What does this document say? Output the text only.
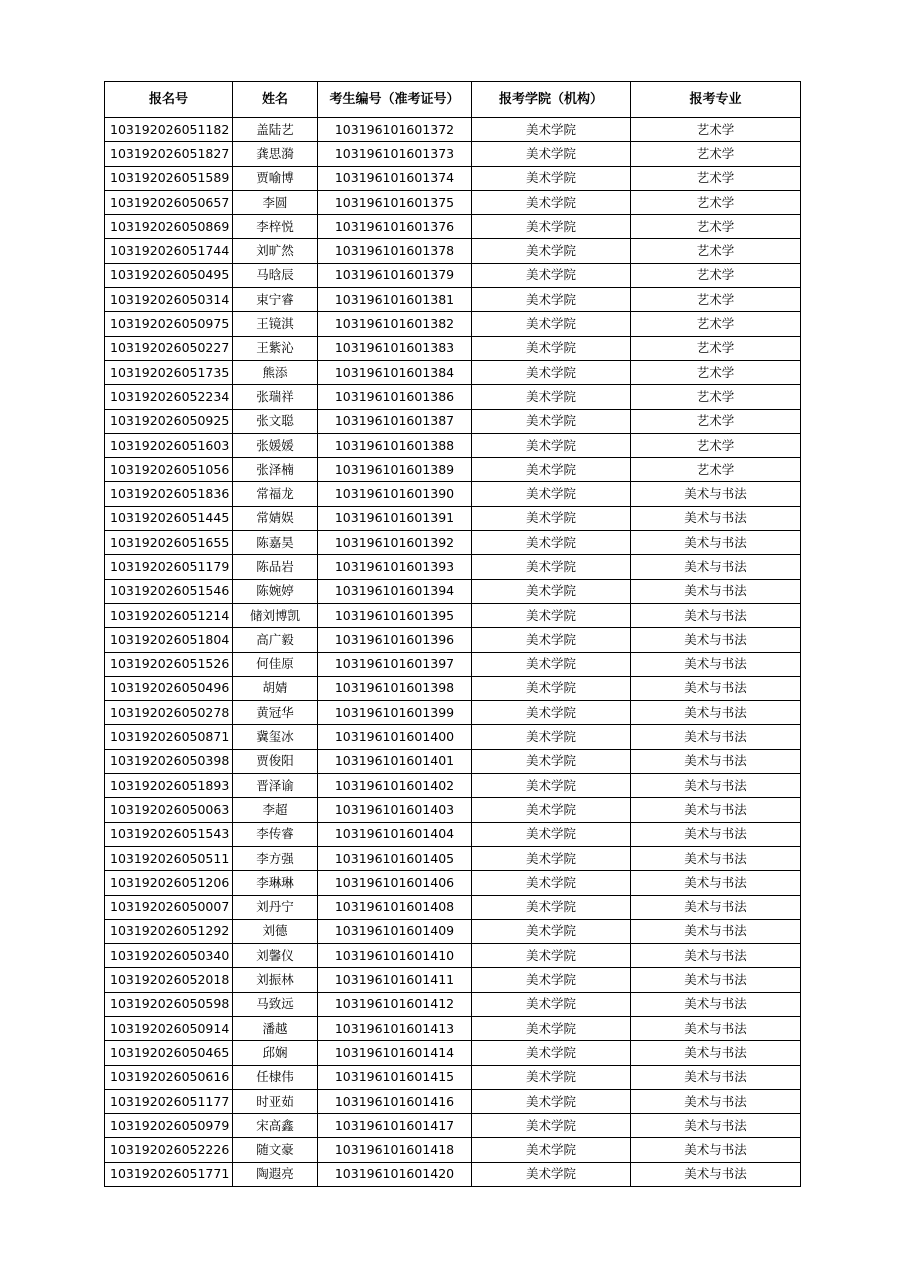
报名号	姓名	考生编号（准考证号）	报考学院（机构）	报考专业
103192026051182	盖陆艺	103196101601372	美术学院	艺术学
103192026051827	龚思漪	103196101601373	美术学院	艺术学
103192026051589	贾喻博	103196101601374	美术学院	艺术学
103192026050657	李圆	103196101601375	美术学院	艺术学
103192026050869	李梓悦	103196101601376	美术学院	艺术学
103192026051744	刘旷然	103196101601378	美术学院	艺术学
103192026050495	马晗辰	103196101601379	美术学院	艺术学
103192026050314	束宁睿	103196101601381	美术学院	艺术学
103192026050975	王镜淇	103196101601382	美术学院	艺术学
103192026050227	王紫沁	103196101601383	美术学院	艺术学
103192026051735	熊添	103196101601384	美术学院	艺术学
103192026052234	张瑞祥	103196101601386	美术学院	艺术学
103192026050925	张文聪	103196101601387	美术学院	艺术学
103192026051603	张媛媛	103196101601388	美术学院	艺术学
103192026051056	张泽楠	103196101601389	美术学院	艺术学
103192026051836	常福龙	103196101601390	美术学院	美术与书法
103192026051445	常婧娱	103196101601391	美术学院	美术与书法
103192026051655	陈嘉昊	103196101601392	美术学院	美术与书法
103192026051179	陈品岩	103196101601393	美术学院	美术与书法
103192026051546	陈婉婷	103196101601394	美术学院	美术与书法
103192026051214	储刘博凯	103196101601395	美术学院	美术与书法
103192026051804	高广毅	103196101601396	美术学院	美术与书法
103192026051526	何佳原	103196101601397	美术学院	美术与书法
103192026050496	胡婧	103196101601398	美术学院	美术与书法
103192026050278	黄冠华	103196101601399	美术学院	美术与书法
103192026050871	冀玺冰	103196101601400	美术学院	美术与书法
103192026050398	贾俊阳	103196101601401	美术学院	美术与书法
103192026051893	晋泽谕	103196101601402	美术学院	美术与书法
103192026050063	李超	103196101601403	美术学院	美术与书法
103192026051543	李传睿	103196101601404	美术学院	美术与书法
103192026050511	李方强	103196101601405	美术学院	美术与书法
103192026051206	李琳琳	103196101601406	美术学院	美术与书法
103192026050007	刘丹宁	103196101601408	美术学院	美术与书法
103192026051292	刘德	103196101601409	美术学院	美术与书法
103192026050340	刘馨仪	103196101601410	美术学院	美术与书法
103192026052018	刘振林	103196101601411	美术学院	美术与书法
103192026050598	马致远	103196101601412	美术学院	美术与书法
103192026050914	潘越	103196101601413	美术学院	美术与书法
103192026050465	邱娴	103196101601414	美术学院	美术与书法
103192026050616	任棣伟	103196101601415	美术学院	美术与书法
103192026051177	时亚茹	103196101601416	美术学院	美术与书法
103192026050979	宋高鑫	103196101601417	美术学院	美术与书法
103192026052226	随文豪	103196101601418	美术学院	美术与书法
103192026051771	陶遐亮	103196101601420	美术学院	美术与书法
